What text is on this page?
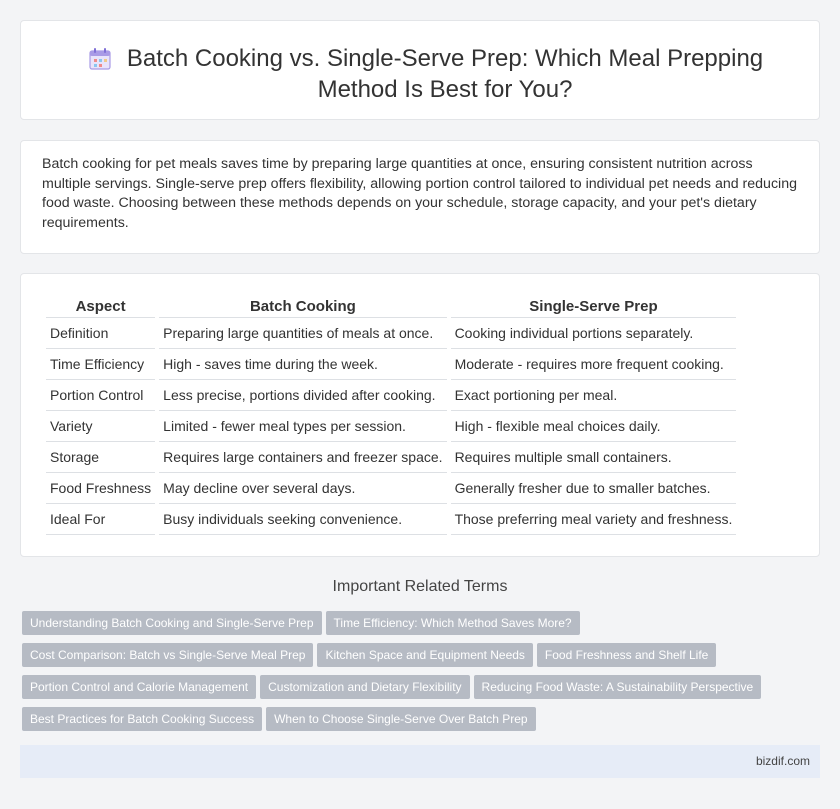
Batch Cooking vs. Single-Serve Prep: Which Meal Prepping Method Is Best for You?

Batch cooking for pet meals saves time by preparing large quantities at once, ensuring consistent nutrition across multiple servings. Single-serve prep offers flexibility, allowing portion control tailored to individual pet needs and reducing food waste. Choosing between these methods depends on your schedule, storage capacity, and your pet's dietary requirements.

Aspect	Batch Cooking	Single-Serve Prep
Definition	Preparing large quantities of meals at once.	Cooking individual portions separately.
Time Efficiency	High - saves time during the week.	Moderate - requires more frequent cooking.
Portion Control	Less precise, portions divided after cooking.	Exact portioning per meal.
Variety	Limited - fewer meal types per session.	High - flexible meal choices daily.
Storage	Requires large containers and freezer space.	Requires multiple small containers.
Food Freshness	May decline over several days.	Generally fresher due to smaller batches.
Ideal For	Busy individuals seeking convenience.	Those preferring meal variety and freshness.
Important Related Terms
Understanding Batch Cooking and Single-Serve Prep Time Efficiency: Which Method Saves More?
Cost Comparison: Batch vs Single-Serve Meal Prep Kitchen Space and Equipment Needs Food Freshness and Shelf Life
Portion Control and Calorie Management Customization and Dietary Flexibility Reducing Food Waste: A Sustainability Perspective
Best Practices for Batch Cooking Success When to Choose Single-Serve Over Batch Prep
bizdif.com
